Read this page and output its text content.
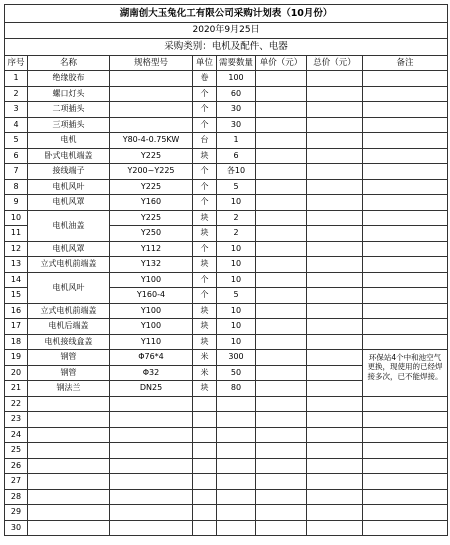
湖南创大玉兔化工有限公司采购计划表（10月份）							
2020年9月25日							
采购类别：电机及配件、电器							
序号	名称	规格型号	单位	需要数量	单价（元）	总价（元）	备注
1	绝缘胶布		卷	100			
2	螺口灯头		个	60			
3	二项插头		个	30			
4	三项插头		个	30			
5	电机	Y80-4-0.75KW	台	1			
6	卧式电机端盖	Y225	块	6			
7	接线端子	Y200~Y225	个	各10			
8	电机风叶	Y225	个	5			
9	电机风罩	Y160	个	10			
10	电机油盖	Y225	块	2			
11		Y250	块	2			
12	电机风罩	Y112	个	10			
13	立式电机前端盖	Y132	块	10			
14	电机风叶	Y100	个	10			
15		Y160-4	个	5			
16	立式电机前端盖	Y100	块	10			
17	电机后端盖	Y100	块	10			
18	电机接线盒盖	Y110	块	10			
19	钢管	Φ76*4	米	300			环保站4个中和池空气更换，现使用的已经焊接多次，已不能焊接。
20	钢管	Φ32	米	50			
21	钢法兰	DN25	块	80			
22							
23							
24							
25							
26							
27							
28							
29							
30							
